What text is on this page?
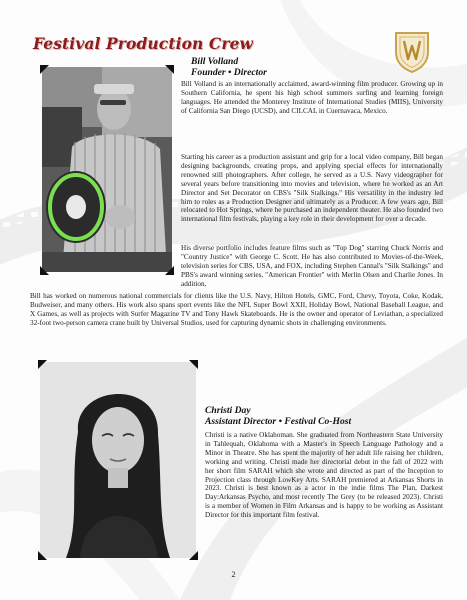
Festival Production Crew
Bill Volland
Founder • Director
Bill Volland is an internationally acclaimed, award-winning film producer. Growing up in Southern California, he spent his high school summers surfing and learning foreign languages. He attended the Monterey Institute of International Studies (MIIS), University of California San Diego (UCSD), and CILCAL in Cuernavaca, Mexico.
Starting his career as a production assistant and grip for a local video company, Bill began designing backgrounds, creating props, and applying special effects for internationally renowned still photographers. After college, he served as a U.S. Navy videographer for several years before transitioning into movies and television, where he worked as an Art Director and Set Decorator on CBS's "Silk Stalkings." His versatility in the industry led him to roles as a Production Designer and ultimately as a Producer. A few years ago, Bill relocated to Hot Springs, where he purchased an independent theater. He also founded two international film festivals, playing a key role in their development for over a decade.
His diverse portfolio includes feature films such as "Top Dog" starring Chuck Norris and "Country Justice" with George C. Scott. He has also contributed to Movies-of-the-Week, television series for CBS, USA, and FOX, including Stephen Cannal's "Silk Stalkings" and PBS's award winning series, "American Frontier" with Merlin Olsen and Charlie Jones. In addition,
Bill has worked on numerous national commercials for clients like the U.S. Navy, Hilton Hotels, GMC, Ford, Chevy, Toyota, Coke, Kodak, Budweiser, and many others. His work also spans sport events like the NFL Super Bowl XXII, Holiday Bowl, National Baseball League, and X Games, as well as projects with Surfer Magazine TV and Tony Hawk Skateboards. He is the owner and operator of Leviathan, a specialized 32-foot two-person camera crane built by Universal Studios, used for capturing dynamic shots in challenging environments.
Christi Day
Assistant Director • Festival Co-Host
Christi is a native Oklahoman. She graduated from Northeastern State University in Tahlequah, Oklahoma with a Master's in Speech Language Pathology and a Minor in Theatre. She has spent the majority of her adult life raising her children, working and writing. Christi made her directorial debut in the fall of 2022 with her short film SARAH which she wrote and directed as part of the Inception to Projection class through LowKey Arts. SARAH premiered at Arkansas Shorts in 2023. Christi is best known as a actor in the indie films The Plan, Darkest Day:Arkansas Psycho, and most recently The Grey (to be released 2023). Christi is a member of Women in Film Arkansas and is happy to be working as Assistant Director for this important film festival.
2
